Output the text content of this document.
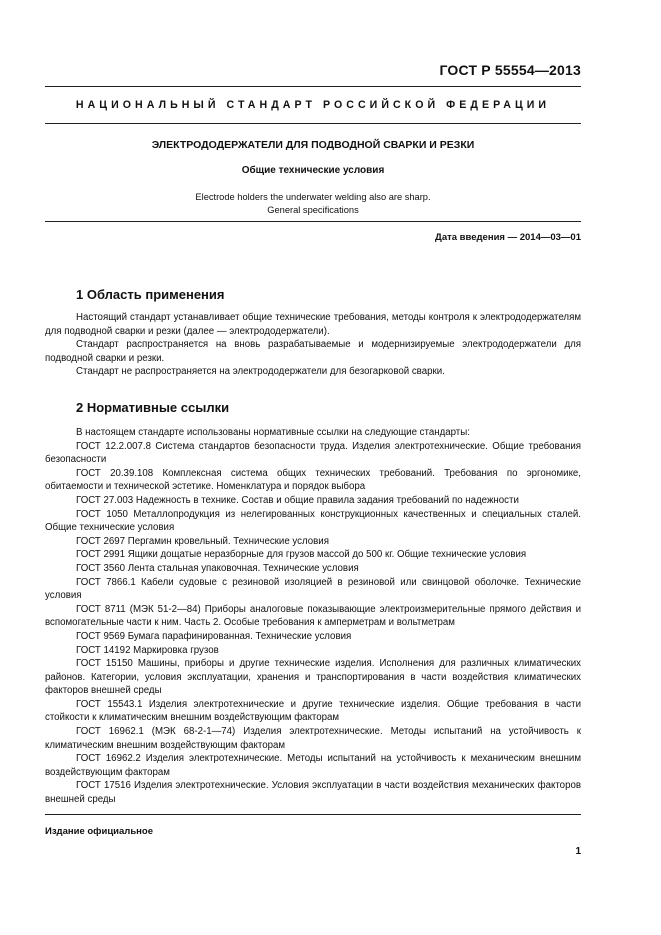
ГОСТ Р 55554—2013
НАЦИОНАЛЬНЫЙ СТАНДАРТ РОССИЙСКОЙ ФЕДЕРАЦИИ
ЭЛЕКТРОДОДЕРЖАТЕЛИ ДЛЯ ПОДВОДНОЙ СВАРКИ И РЕЗКИ
Общие технические условия
Electrode holders the underwater welding also are sharp.
General specifications
Дата введения — 2014—03—01
1 Область применения

Настоящий стандарт устанавливает общие технические требования, методы контроля к электрододержателям для подводной сварки и резки (далее — электрододержатели).

Стандарт распространяется на вновь разрабатываемые и модернизируемые электрододержатели для подводной сварки и резки.

Стандарт не распространяется на электрододержатели для безогарковой сварки.

2 Нормативные ссылки

В настоящем стандарте использованы нормативные ссылки на следующие стандарты:

ГОСТ 12.2.007.8 Система стандартов безопасности труда. Изделия электротехнические. Общие требования безопасности

ГОСТ 20.39.108 Комплексная система общих технических требований. Требования по эргономике, обитаемости и технической эстетике. Номенклатура и порядок выбора

ГОСТ 27.003 Надежность в технике. Состав и общие правила задания требований по надежности

ГОСТ 1050 Металлопродукция из нелегированных конструкционных качественных и специальных сталей. Общие технические условия

ГОСТ 2697 Пергамин кровельный. Технические условия

ГОСТ 2991 Ящики дощатые неразборные для грузов массой до 500 кг. Общие технические условия

ГОСТ 3560 Лента стальная упаковочная. Технические условия

ГОСТ 7866.1 Кабели судовые с резиновой изоляцией в резиновой или свинцовой оболочке. Технические условия

ГОСТ 8711 (МЭК 51-2—84) Приборы аналоговые показывающие электроизмерительные прямого действия и вспомогательные части к ним. Часть 2. Особые требования к амперметрам и вольтметрам

ГОСТ 9569 Бумага парафинированная. Технические условия

ГОСТ 14192 Маркировка грузов

ГОСТ 15150 Машины, приборы и другие технические изделия. Исполнения для различных климатических районов. Категории, условия эксплуатации, хранения и транспортирования в части воздействия климатических факторов внешней среды

ГОСТ 15543.1 Изделия электротехнические и другие технические изделия. Общие требования в части стойкости к климатическим внешним воздействующим факторам

ГОСТ 16962.1 (МЭК 68-2-1—74) Изделия электротехнические. Методы испытаний на устойчивость к климатическим внешним воздействующим факторам

ГОСТ 16962.2 Изделия электротехнические. Методы испытаний на устойчивость к механическим внешним воздействующим факторам

ГОСТ 17516 Изделия электротехнические. Условия эксплуатации в части воздействия механических факторов внешней среды

Издание официальное
1
